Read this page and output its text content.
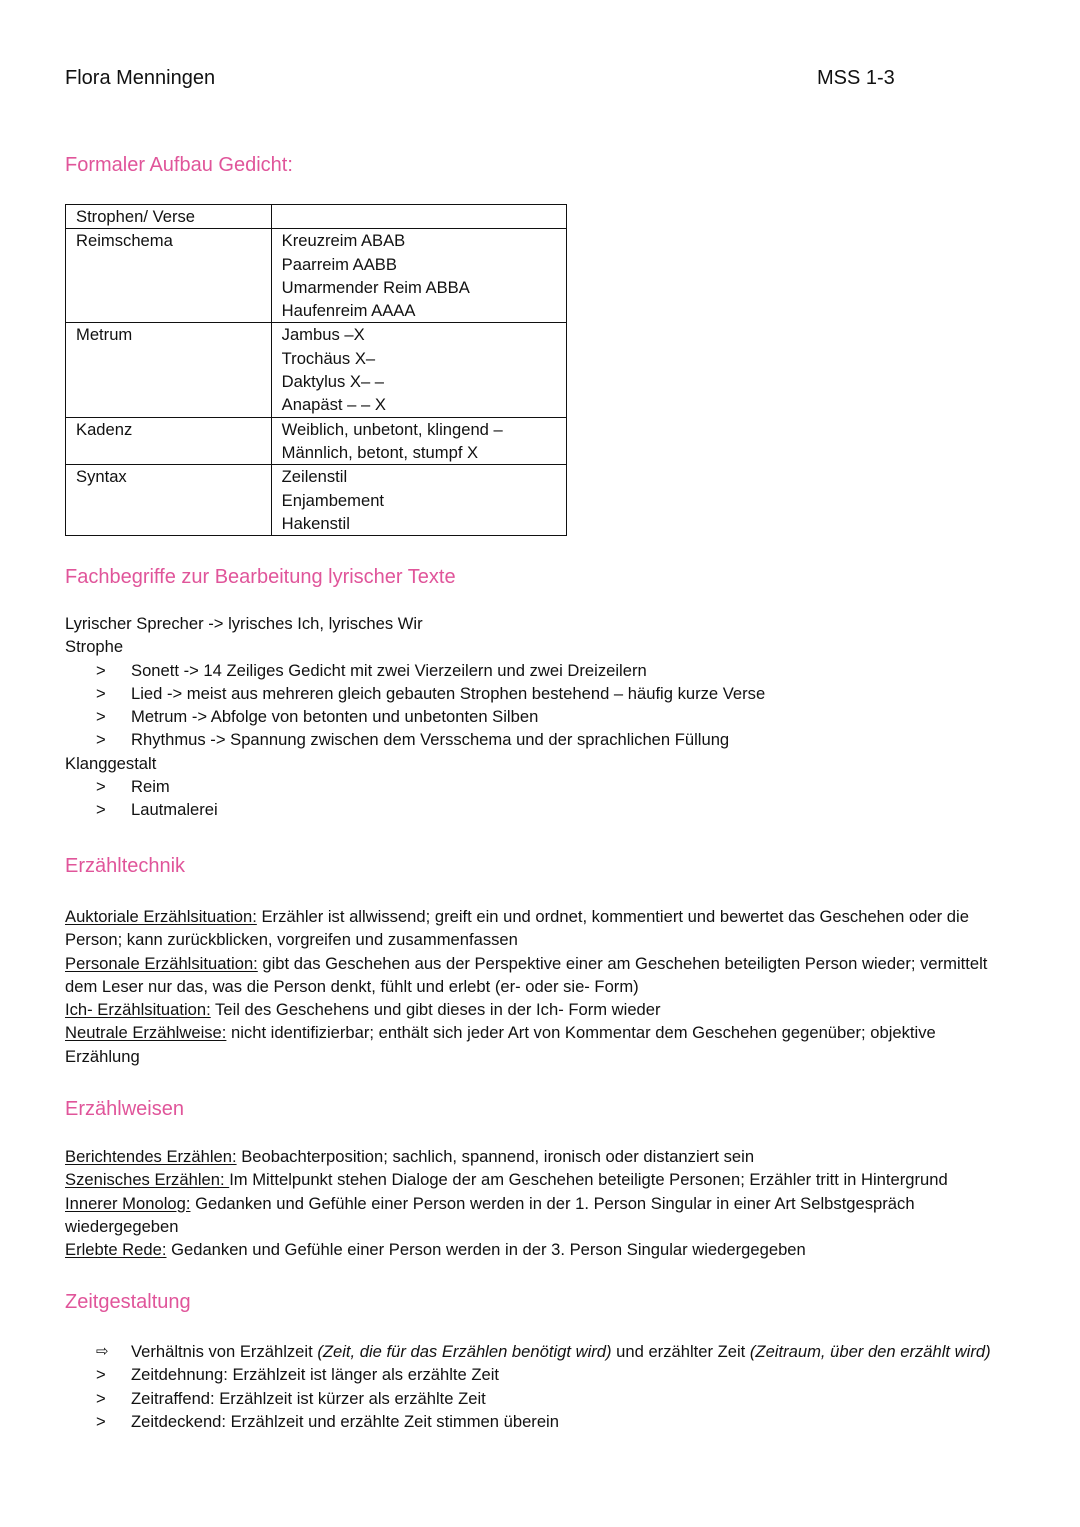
Flora Menningen	MSS 1-3
Formaler Aufbau Gedicht:
Strophen/ Verse	

Reimschema	Kreuzreim ABAB
Paarreim AABB
Umarmender Reim ABBA
Haufenreim AAAA

Metrum	Jambus –X
Trochäus X–
Daktylus X– –
Anapäst – – X

Kadenz	Weiblich, unbetont, klingend –
Männlich, betont, stumpf X

Syntax	Zeilenstil
Enjambement
Hakenstil
Fachbegriffe zur Bearbeitung lyrischer Texte
Lyrischer Sprecher -> lyrisches Ich, lyrisches Wir
Strophe
>	Sonett -> 14 Zeiliges Gedicht mit zwei Vierzeilern und zwei Dreizeilern
>	Lied -> meist aus mehreren gleich gebauten Strophen bestehend – häufig kurze Verse
>	Metrum -> Abfolge von betonten und unbetonten Silben
>	Rhythmus -> Spannung zwischen dem Versschema und der sprachlichen Füllung
Klanggestalt
>	Reim
>	Lautmalerei
Erzähltechnik
Auktoriale Erzählsituation: Erzähler ist allwissend; greift ein und ordnet, kommentiert und bewertet das Geschehen oder die Person; kann zurückblicken, vorgreifen und zusammenfassen
Personale Erzählsituation: gibt das Geschehen aus der Perspektive einer am Geschehen beteiligten Person wieder; vermittelt dem Leser nur das, was die Person denkt, fühlt und erlebt (er- oder sie- Form)
Ich- Erzählsituation: Teil des Geschehens und gibt dieses in der Ich- Form wieder
Neutrale Erzählweise: nicht identifizierbar; enthält sich jeder Art von Kommentar dem Geschehen gegenüber; objektive Erzählung
Erzählweisen
Berichtendes Erzählen: Beobachterposition; sachlich, spannend, ironisch oder distanziert sein
Szenisches Erzählen: Im Mittelpunkt stehen Dialoge der am Geschehen beteiligte Personen; Erzähler tritt in Hintergrund
Innerer Monolog: Gedanken und Gefühle einer Person werden in der 1. Person Singular in einer Art Selbstgespräch wiedergegeben
Erlebte Rede: Gedanken und Gefühle einer Person werden in der 3. Person Singular wiedergegeben
Zeitgestaltung
⇨	Verhältnis von Erzählzeit (Zeit, die für das Erzählen benötigt wird) und erzählter Zeit (Zeitraum, über den erzählt wird)
>	Zeitdehnung: Erzählzeit ist länger als erzählte Zeit
>	Zeitraffend: Erzählzeit ist kürzer als erzählte Zeit
>	Zeitdeckend: Erzählzeit und erzählte Zeit stimmen überein
